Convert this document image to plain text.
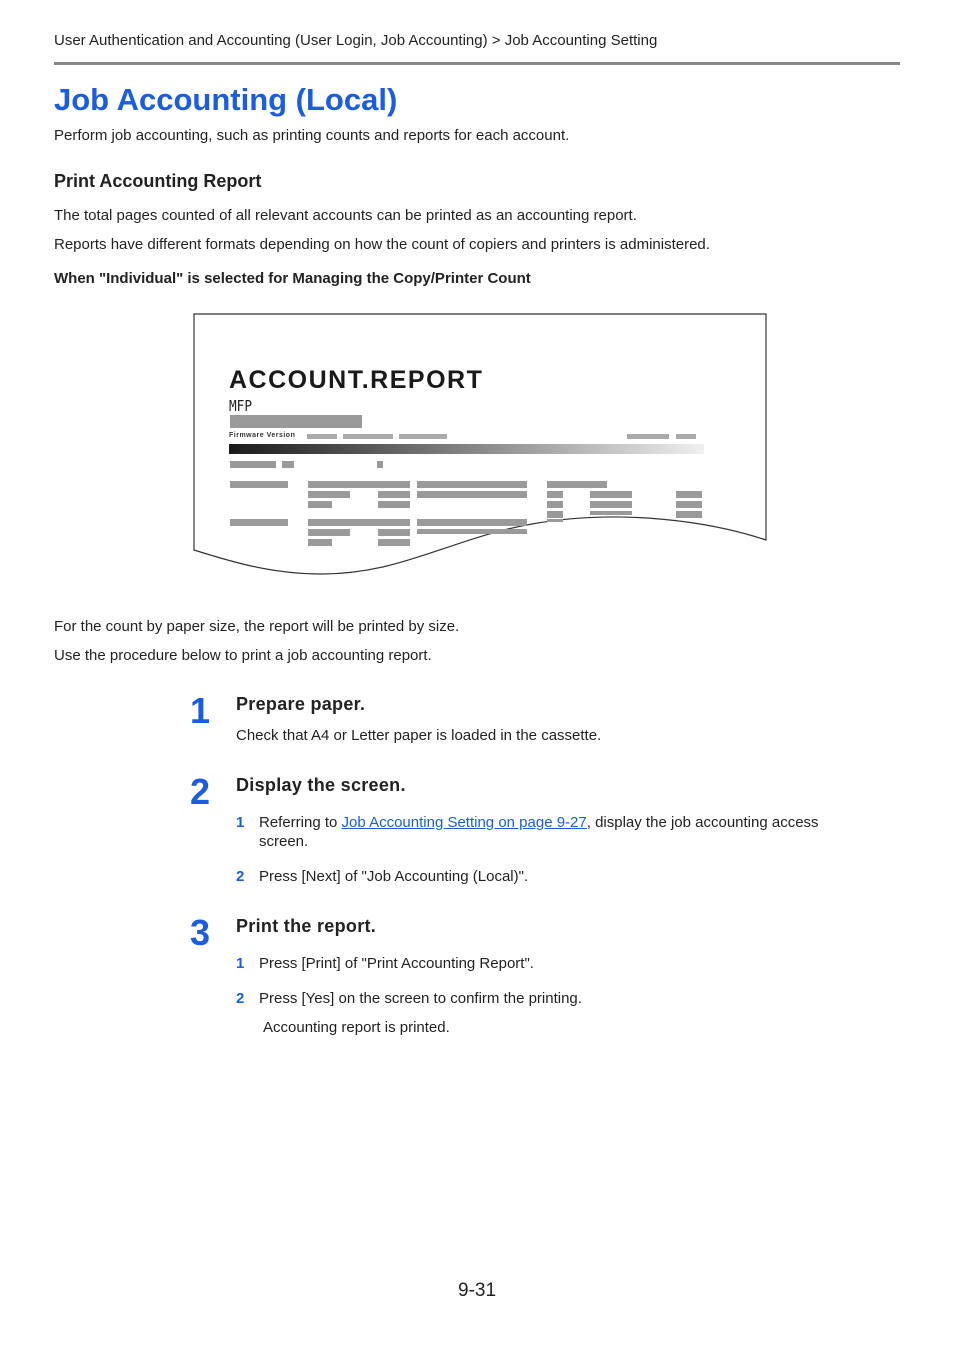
User Authentication and Accounting (User Login, Job Accounting) > Job Accounting Setting
Job Accounting (Local)
Perform job accounting, such as printing counts and reports for each account.
Print Accounting Report
The total pages counted of all relevant accounts can be printed as an accounting report.
Reports have different formats depending on how the count of copiers and printers is administered.
When "Individual" is selected for Managing the Copy/Printer Count
ACCOUNT.REPORT
MFP
Firmware Version
For the count by paper size, the report will be printed by size.
Use the procedure below to print a job accounting report.
1 Prepare paper.
Check that A4 or Letter paper is loaded in the cassette.
2 Display the screen.
1 Referring to Job Accounting Setting on page 9-27, display the job accounting access
screen.
2 Press [Next] of "Job Accounting (Local)".
3 Print the report.
1 Press [Print] of "Print Accounting Report".
2 Press [Yes] on the screen to confirm the printing.
Accounting report is printed.
9-31
